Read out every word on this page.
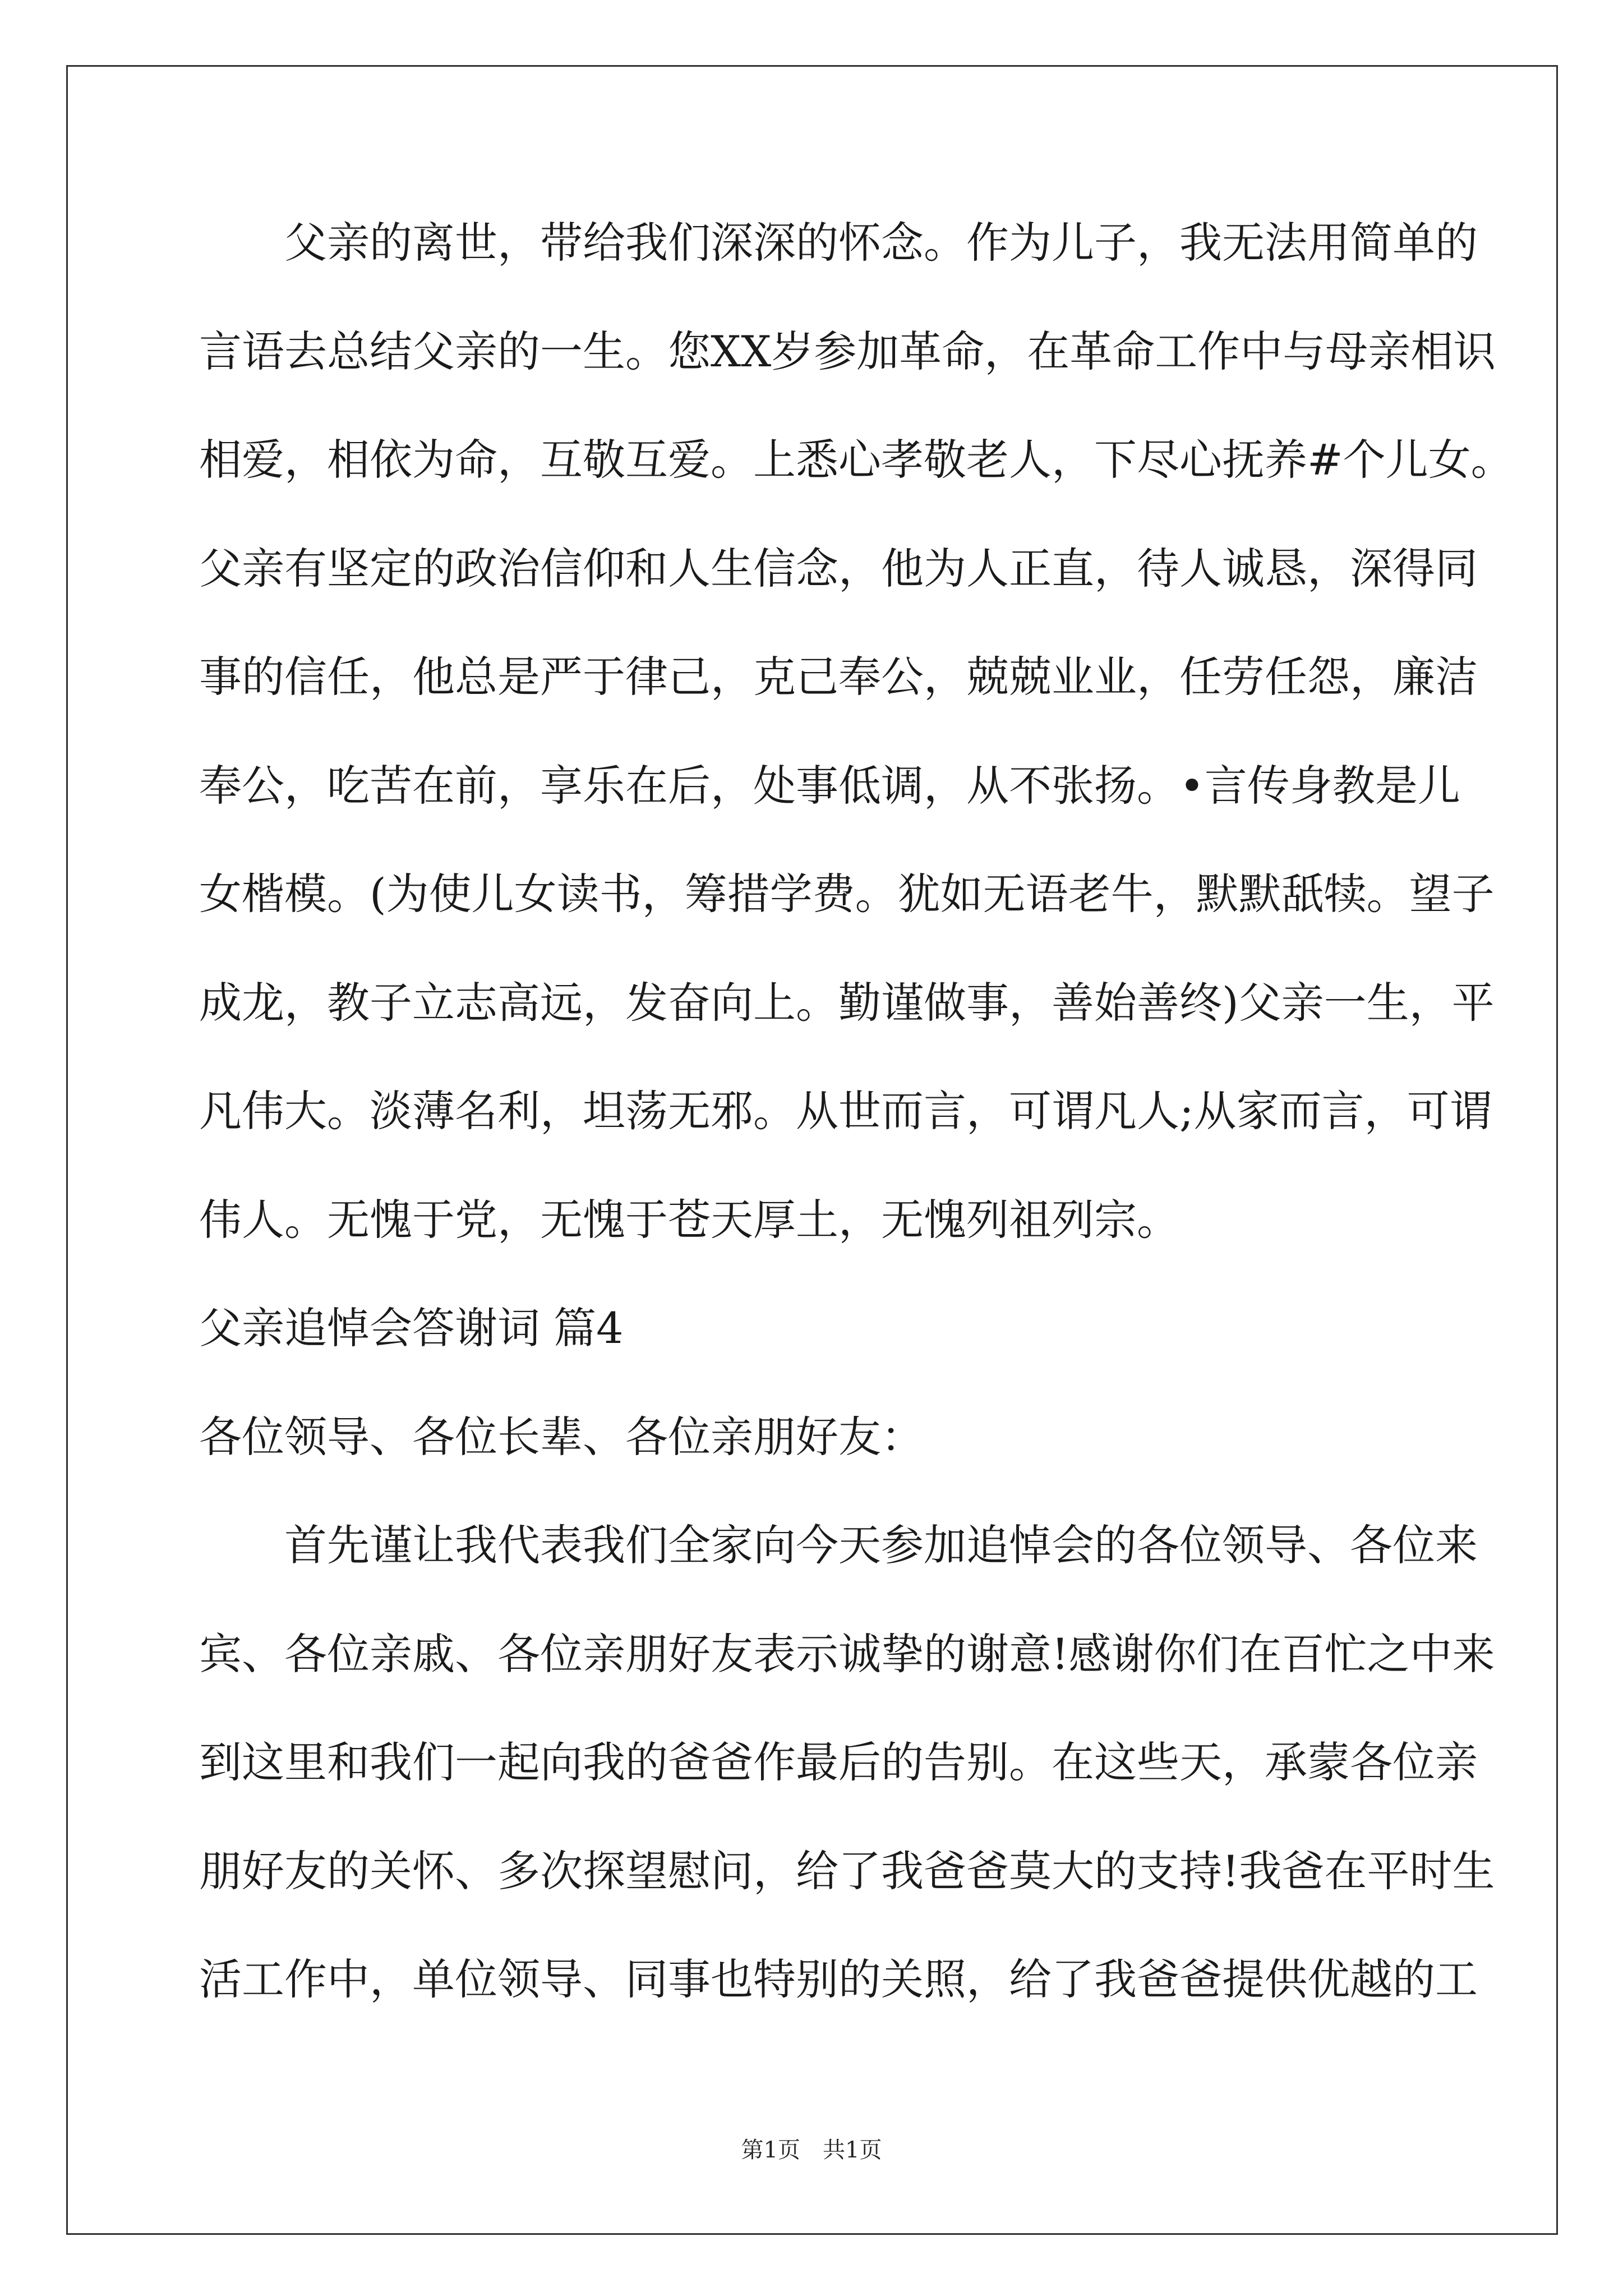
父亲的离世，带给我们深深的怀念。作为儿子，我无法用简单的
言语去总结父亲的一生。您XX岁参加革命，在革命工作中与母亲相识
相爱，相依为命，互敬互爱。上悉心孝敬老人，下尽心抚养#个儿女。
父亲有坚定的政治信仰和人生信念，他为人正直，待人诚恳，深得同
事的信任，他总是严于律己，克己奉公，兢兢业业，任劳任怨，廉洁
奉公，吃苦在前，享乐在后，处事低调，从不张扬。•言传身教是儿
女楷模。(为使儿女读书，筹措学费。犹如无语老牛，默默舐犊。望子
成龙，教子立志高远，发奋向上。勤谨做事，善始善终)父亲一生，平
凡伟大。淡薄名利，坦荡无邪。从世而言，可谓凡人;从家而言，可谓
伟人。无愧于党，无愧于苍天厚土，无愧列祖列宗。
父亲追悼会答谢词 篇4
各位领导、各位长辈、各位亲朋好友：
首先谨让我代表我们全家向今天参加追悼会的各位领导、各位来
宾、各位亲戚、各位亲朋好友表示诚挚的谢意!感谢你们在百忙之中来
到这里和我们一起向我的爸爸作最后的告别。在这些天，承蒙各位亲
朋好友的关怀、多次探望慰问，给了我爸爸莫大的支持!我爸在平时生
活工作中，单位领导、同事也特别的关照，给了我爸爸提供优越的工
第1页　共1页
